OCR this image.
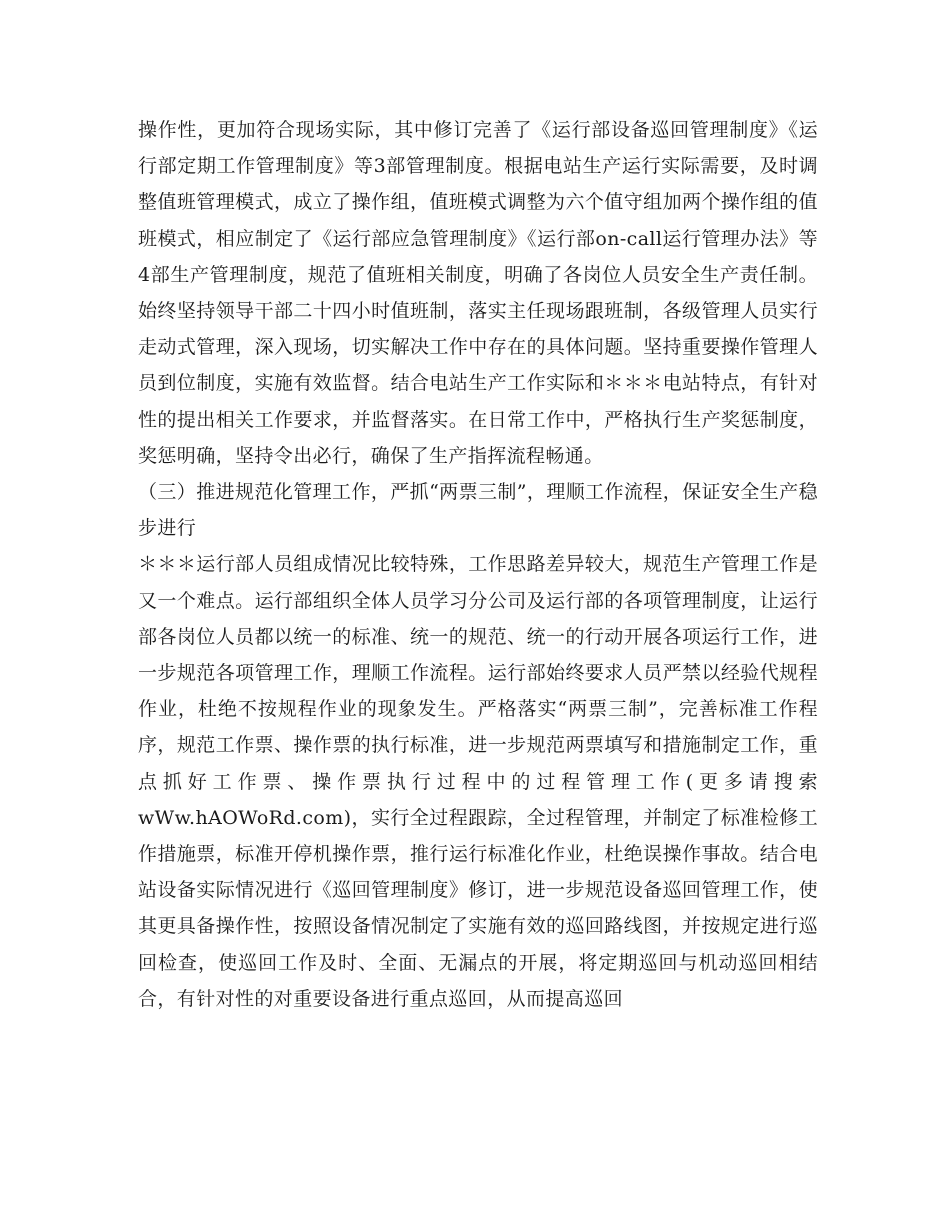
操作性，更加符合现场实际，其中修订完善了《运行部设备巡回管理制度》《运行部定期工作管理制度》等3部管理制度。根据电站生产运行实际需要，及时调整值班管理模式，成立了操作组，值班模式调整为六个值守组加两个操作组的值班模式，相应制定了《运行部应急管理制度》《运行部on-call运行管理办法》等4部生产管理制度，规范了值班相关制度，明确了各岗位人员安全生产责任制。始终坚持领导干部二十四小时值班制，落实主任现场跟班制，各级管理人员实行走动式管理，深入现场，切实解决工作中存在的具体问题。坚持重要操作管理人员到位制度，实施有效监督。结合电站生产工作实际和＊＊＊电站特点，有针对性的提出相关工作要求，并监督落实。在日常工作中，严格执行生产奖惩制度，奖惩明确，坚持令出必行，确保了生产指挥流程畅通。

（三）推进规范化管理工作，严抓“两票三制”，理顺工作流程，保证安全生产稳步进行

＊＊＊运行部人员组成情况比较特殊，工作思路差异较大，规范生产管理工作是又一个难点。运行部组织全体人员学习分公司及运行部的各项管理制度，让运行部各岗位人员都以统一的标准、统一的规范、统一的行动开展各项运行工作，进一步规范各项管理工作，理顺工作流程。运行部始终要求人员严禁以经验代规程作业，杜绝不按规程作业的现象发生。严格落实“两票三制”，完善标准工作程序，规范工作票、操作票的执行标准，进一步规范两票填写和措施制定工作，重点抓好工作票、操作票执行过程中的过程管理工作(更多请搜索wWw.hAOWoRd.com)，实行全过程跟踪，全过程管理，并制定了标准检修工作措施票，标准开停机操作票，推行运行标准化作业，杜绝误操作事故。结合电站设备实际情况进行《巡回管理制度》修订，进一步规范设备巡回管理工作，使其更具备操作性，按照设备情况制定了实施有效的巡回路线图，并按规定进行巡回检查，使巡回工作及时、全面、无漏点的开展，将定期巡回与机动巡回相结合，有针对性的对重要设备进行重点巡回，从而提高巡回
